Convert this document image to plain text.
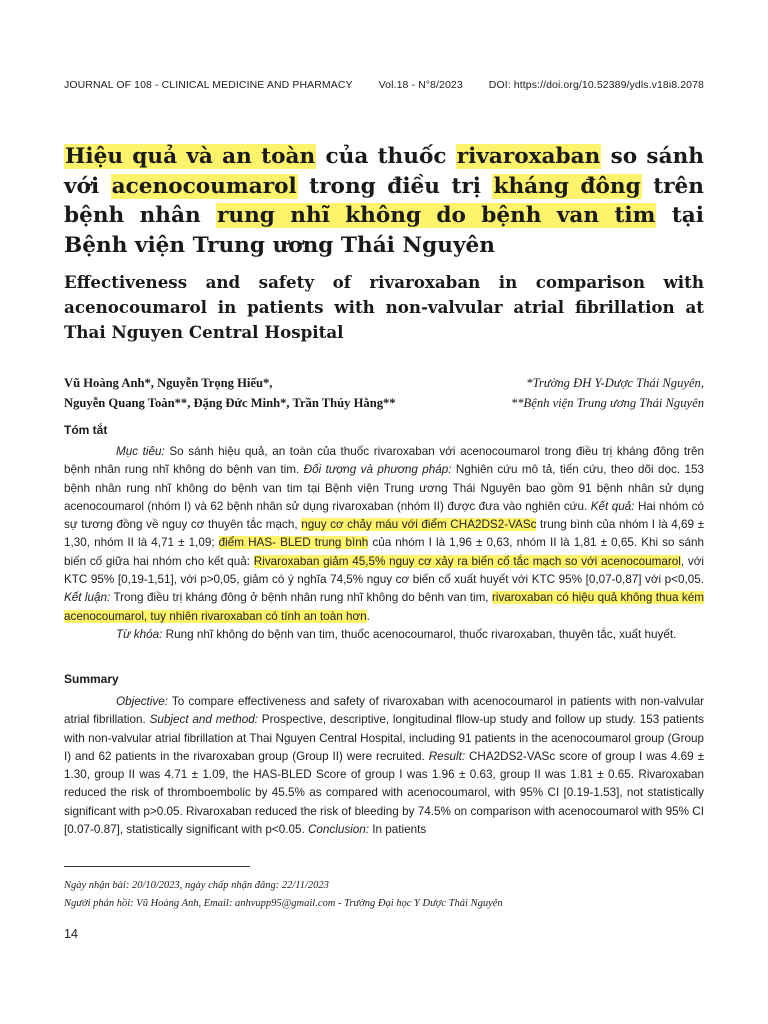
JOURNAL OF 108 - CLINICAL MEDICINE AND PHARMACY Vol.18 - N°8/2023 DOI: https://doi.org/10.52389/ydls.v18i8.2078
Hiệu quả và an toàn của thuốc rivaroxaban so sánh với acenocoumarol trong điều trị kháng đông trên bệnh nhân rung nhĩ không do bệnh van tim tại Bệnh viện Trung ương Thái Nguyên
Effectiveness and safety of rivaroxaban in comparison with acenocoumarol in patients with non-valvular atrial fibrillation at Thai Nguyen Central Hospital
Vũ Hoàng Anh*, Nguyễn Trọng Hiếu*,
Nguyễn Quang Toàn**, Đặng Đức Minh*, Trần Thúy Hằng**
*Trường ĐH Y-Dược Thái Nguyên,
**Bệnh viện Trung ương Thái Nguyên
Tóm tắt

Mục tiêu: So sánh hiệu quả, an toàn của thuốc rivaroxaban với acenocoumarol trong điều trị kháng đông trên bệnh nhân rung nhĩ không do bệnh van tim. Đối tượng và phương pháp: Nghiên cứu mô tả, tiến cứu, theo dõi dọc. 153 bệnh nhân rung nhĩ không do bệnh van tim tại Bệnh viện Trung ương Thái Nguyên bao gồm 91 bệnh nhân sử dụng acenocoumarol (nhóm I) và 62 bệnh nhân sử dụng rivaroxaban (nhóm II) được đưa vào nghiên cứu. Kết quả: Hai nhóm có sự tương đồng về nguy cơ thuyên tắc mạch, nguy cơ chảy máu với điểm CHA2DS2-VASc trung bình của nhóm I là 4,69 ± 1,30, nhóm II là 4,71 ± 1,09; điểm HAS- BLED trung bình của nhóm I là 1,96 ± 0,63, nhóm II là 1,81 ± 0,65. Khi so sánh biến cố giữa hai nhóm cho kết quả: Rivaroxaban giảm 45,5% nguy cơ xảy ra biến cố tắc mạch so với acenocoumarol, với KTC 95% [0,19-1,51], với p>0,05, giảm có ý nghĩa 74,5% nguy cơ biến cố xuất huyết với KTC 95% [0,07-0,87] với p<0,05. Kết luận: Trong điều trị kháng đông ở bệnh nhân rung nhĩ không do bệnh van tim, rivaroxaban có hiệu quả không thua kém acenocoumarol, tuy nhiên rivaroxaban có tính an toàn hơn.

Từ khóa: Rung nhĩ không do bệnh van tim, thuốc acenocoumarol, thuốc rivaroxaban, thuyên tắc, xuất huyết.

Summary

Objective: To compare effectiveness and safety of rivaroxaban with acenocoumarol in patients with non-valvular atrial fibrillation. Subject and method: Prospective, descriptive, longitudinal fllow-up study and follow up study. 153 patients with non-valvular atrial fibrillation at Thai Nguyen Central Hospital, including 91 patients in the acenocoumarol group (Group I) and 62 patients in the rivaroxaban group (Group II) were recruited. Result: CHA2DS2-VASc score of group I was 4.69 ± 1.30, group II was 4.71 ± 1.09, the HAS-BLED Score of group I was 1.96 ± 0.63, group II was 1.81 ± 0.65. Rivaroxaban reduced the risk of thromboembolic by 45.5% as compared with acenocoumarol, with 95% CI [0.19-1.53], not statistically significant with p>0.05. Rivaroxaban reduced the risk of bleeding by 74.5% on comparison with acenocoumarol with 95% CI [0.07-0.87], statistically significant with p<0.05. Conclusion: In patients

Ngày nhận bài: 20/10/2023, ngày chấp nhận đăng: 22/11/2023
Người phản hồi: Vũ Hoàng Anh, Email: anhvupp95@gmail.com - Trường Đại học Y Dược Thái Nguyên
14
